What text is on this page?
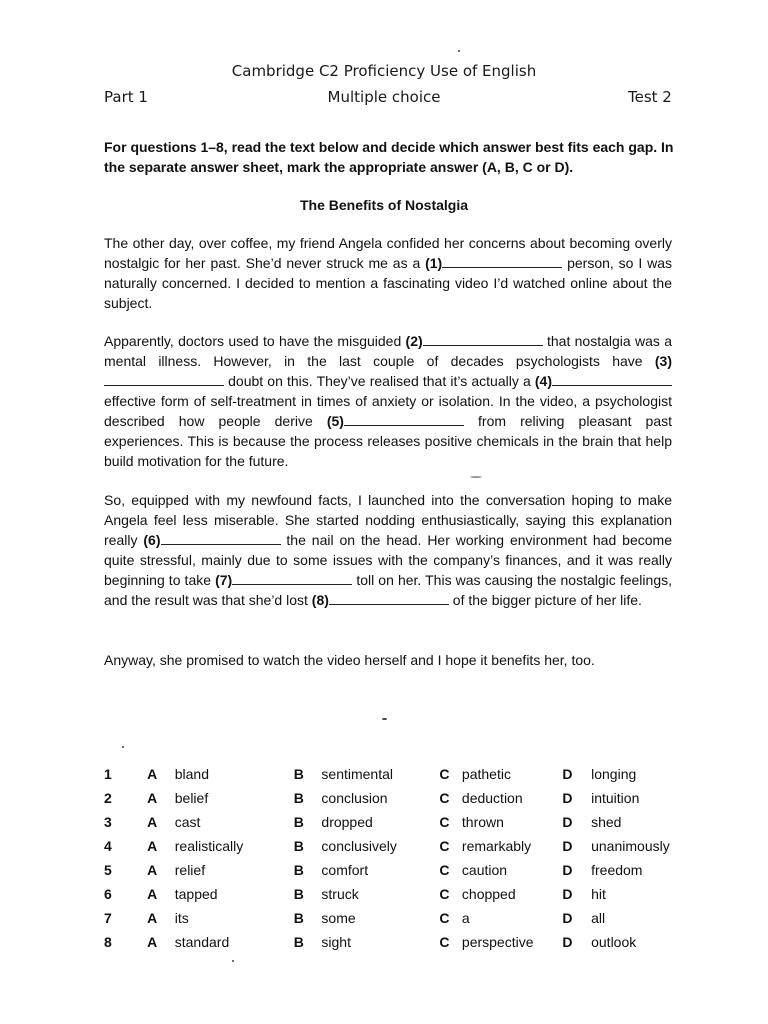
Cambridge C2 Proficiency Use of English
Part 1	Multiple choice	Test 2
For questions 1–8, read the text below and decide which answer best fits each gap. In the separate answer sheet, mark the appropriate answer (A, B, C or D).
The Benefits of Nostalgia

The other day, over coffee, my friend Angela confided her concerns about becoming overly nostalgic for her past. She’d never struck me as a (1)	person, so I was naturally concerned. I decided to mention a fascinating video I’d watched online about the subject.

Apparently, doctors used to have the misguided (2)	that nostalgia was a mental illness. However, in the last couple of decades psychologists have (3) doubt on this. They’ve realised that it’s actually a (4) effective form of self-treatment in times of anxiety or isolation. In the video, a psychologist described how people derive (5)	from reliving pleasant past experiences. This is because the process releases positive chemicals in the brain that help build motivation for the future.

So, equipped with my newfound facts, I launched into the conversation hoping to make Angela feel less miserable. She started nodding enthusiastically, saying this explanation really (6)	the nail on the head. Her working environment had become quite stressful, mainly due to some issues with the company’s finances, and it was really beginning to take (7)	toll on her. This was causing the nostalgic feelings, and the result was that she’d lost (8)	of the bigger picture of her life.

Anyway, she promised to watch the video herself and I hope it benefits her, too.

1	A	bland	B	sentimental	C	pathetic	D	longing
2	A	belief	B	conclusion	C	deduction	D	intuition
3	A	cast	B	dropped	C	thrown	D	shed
4	A	realistically	B	conclusively	C	remarkably	D	unanimously
5	A	relief	B	comfort	C	caution	D	freedom
6	A	tapped	B	struck	C	chopped	D	hit
7	A	its	B	some	C	a	D	all
8	A	standard	B	sight	C	perspective	D	outlook
